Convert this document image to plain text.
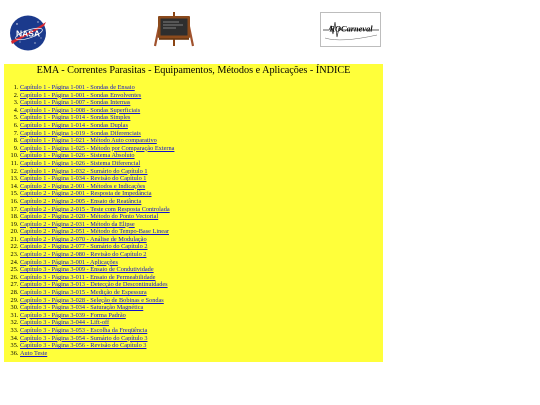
NASA	ROCarneval
EMA - Correntes Parasitas - Equipamentos, Métodos e Aplicações - ÍNDICE
1. Capítulo 1 - Página 1-001 - Sondas de Ensaio
2. Capítulo 1 - Página 1-001 - Sondas Envolventes
3. Capítulo 1 - Página 1-007 - Sondas Internas
4. Capítulo 1 - Página 1-008 - Sondas Superficiais
5. Capítulo 1 - Página 1-014 - Sondas Simples
6. Capítulo 1 - Página 1-014 - Sondas Duplas
7. Capítulo 1 - Página 1-019 - Sondas Diferenciais
8. Capítulo 1 - Página 1-021 - Método Auto comparativo
9. Capítulo 1 - Página 1-025 - Método por Comparação Externa
10. Capítulo 1 - Página 1-026 - Sistema Absoluto
11. Capítulo 1 - Página 1-026 - Sistema Diferencial
12. Capítulo 1 - Página 1-032 - Sumário do Capítulo 1
13. Capítulo 1 - Página 1-034 - Revisão do Capítulo 1
14. Capítulo 2 - Página 2-001 - Métodos e Indicações
15. Capítulo 2 - Página 2-001 - Resposta de Impedância
16. Capítulo 2 - Página 2-005 - Ensaio de Reatância
17. Capítulo 2 - Página 2-015 - Teste com Resposta Controlada
18. Capítulo 2 - Página 2-020 - Método do Ponto Vectorial
19. Capítulo 2 - Página 2-031 - Método da Elipse
20. Capítulo 2 - Página 2-051 - Método do Tempo-Base Linear
21. Capítulo 2 - Página 2-070 - Análise de Modulação
22. Capítulo 2 - Página 2-077 - Sumário do Capítulo 2
23. Capítulo 2 - Página 2-080 - Revisão do Capítulo 2
24. Capítulo 3 - Página 3-001 - Aplicações
25. Capítulo 3 - Página 3-009 - Ensaio de Condutividade
26. Capítulo 3 - Página 3-011 - Ensaio de Permeabilidade
27. Capítulo 3 - Página 3-013 - Detecção de Descontinuidades
28. Capítulo 3 - Página 3-015 - Medição de Espessura
29. Capítulo 3 - Página 3-028 - Seleção de Bobinas e Sondas
30. Capítulo 3 - Página 3-034 - Saturação Magnética
31. Capítulo 3 - Página 3-039 - Forma Padrão
32. Capítulo 3 - Página 3-044 - Lift-off
33. Capítulo 3 - Página 3-053 - Escolha da Freqüência
34. Capítulo 3 - Página 3-054 - Sumário do Capítulo 3
35. Capítulo 3 - Página 3-056 - Revisão do Capítulo 3
36. Auto Teste
